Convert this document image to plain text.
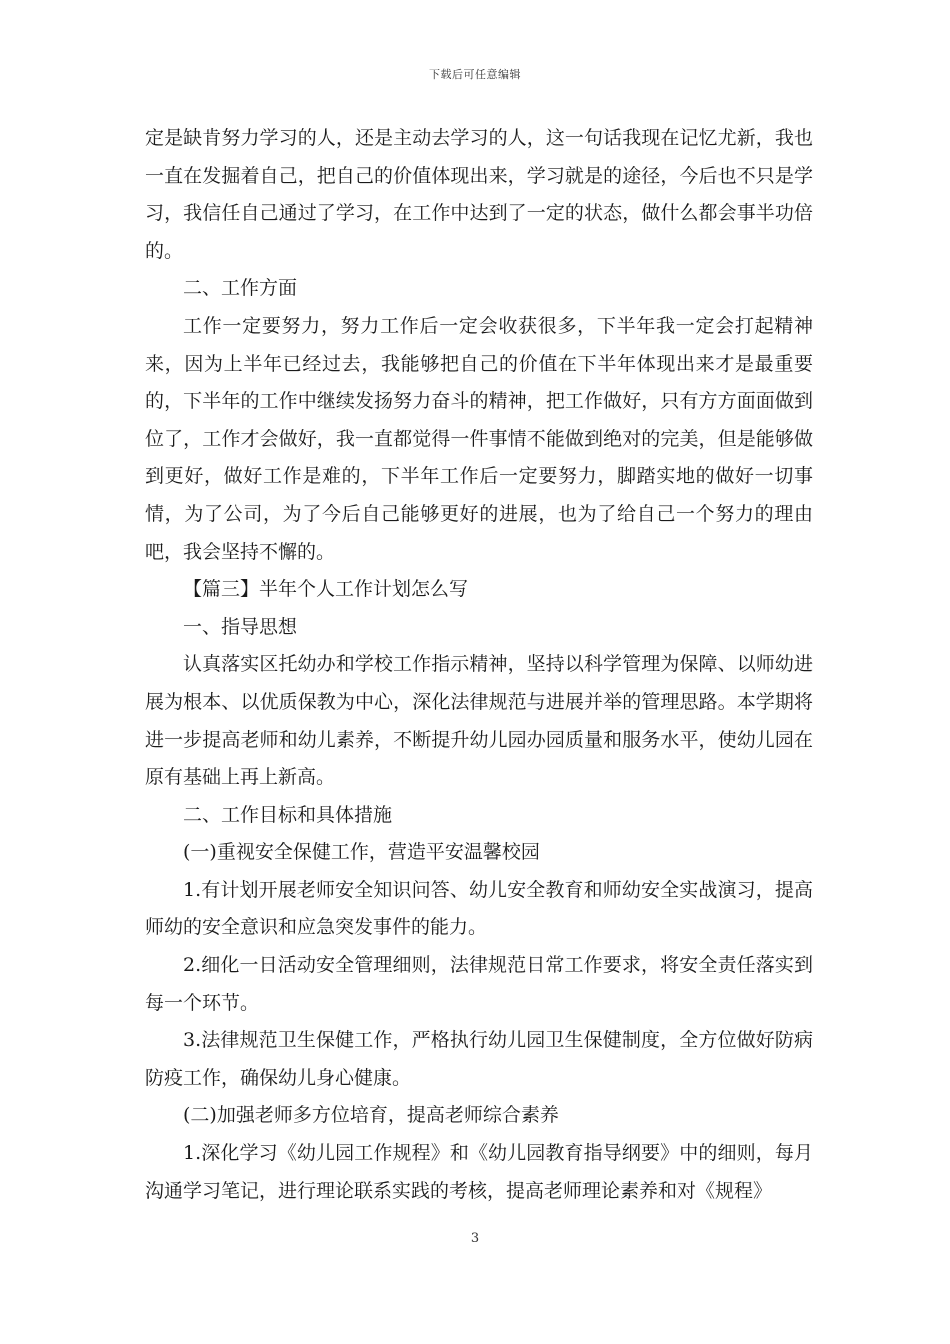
下载后可任意编辑

定是缺肯努力学习的人，还是主动去学习的人，这一句话我现在记忆尤新，我也一直在发掘着自己，把自己的价值体现出来，学习就是的途径，今后也不只是学习，我信任自己通过了学习，在工作中达到了一定的状态，做什么都会事半功倍的。

二、工作方面

工作一定要努力，努力工作后一定会收获很多，下半年我一定会打起精神来，因为上半年已经过去，我能够把自己的价值在下半年体现出来才是最重要的，下半年的工作中继续发扬努力奋斗的精神，把工作做好，只有方方面面做到位了，工作才会做好，我一直都觉得一件事情不能做到绝对的完美，但是能够做到更好，做好工作是难的，下半年工作后一定要努力，脚踏实地的做好一切事情，为了公司，为了今后自己能够更好的进展，也为了给自己一个努力的理由吧，我会坚持不懈的。

【篇三】半年个人工作计划怎么写

一、指导思想

认真落实区托幼办和学校工作指示精神，坚持以科学管理为保障、以师幼进展为根本、以优质保教为中心，深化法律规范与进展并举的管理思路。本学期将进一步提高老师和幼儿素养，不断提升幼儿园办园质量和服务水平，使幼儿园在原有基础上再上新高。

二、工作目标和具体措施

(一)重视安全保健工作，营造平安温馨校园

1.有计划开展老师安全知识问答、幼儿安全教育和师幼安全实战演习，提高师幼的安全意识和应急突发事件的能力。

2.细化一日活动安全管理细则，法律规范日常工作要求，将安全责任落实到每一个环节。

3.法律规范卫生保健工作，严格执行幼儿园卫生保健制度，全方位做好防病防疫工作，确保幼儿身心健康。

(二)加强老师多方位培育，提高老师综合素养

1.深化学习《幼儿园工作规程》和《幼儿园教育指导纲要》中的细则，每月沟通学习笔记，进行理论联系实践的考核，提高老师理论素养和对《规程》

3
